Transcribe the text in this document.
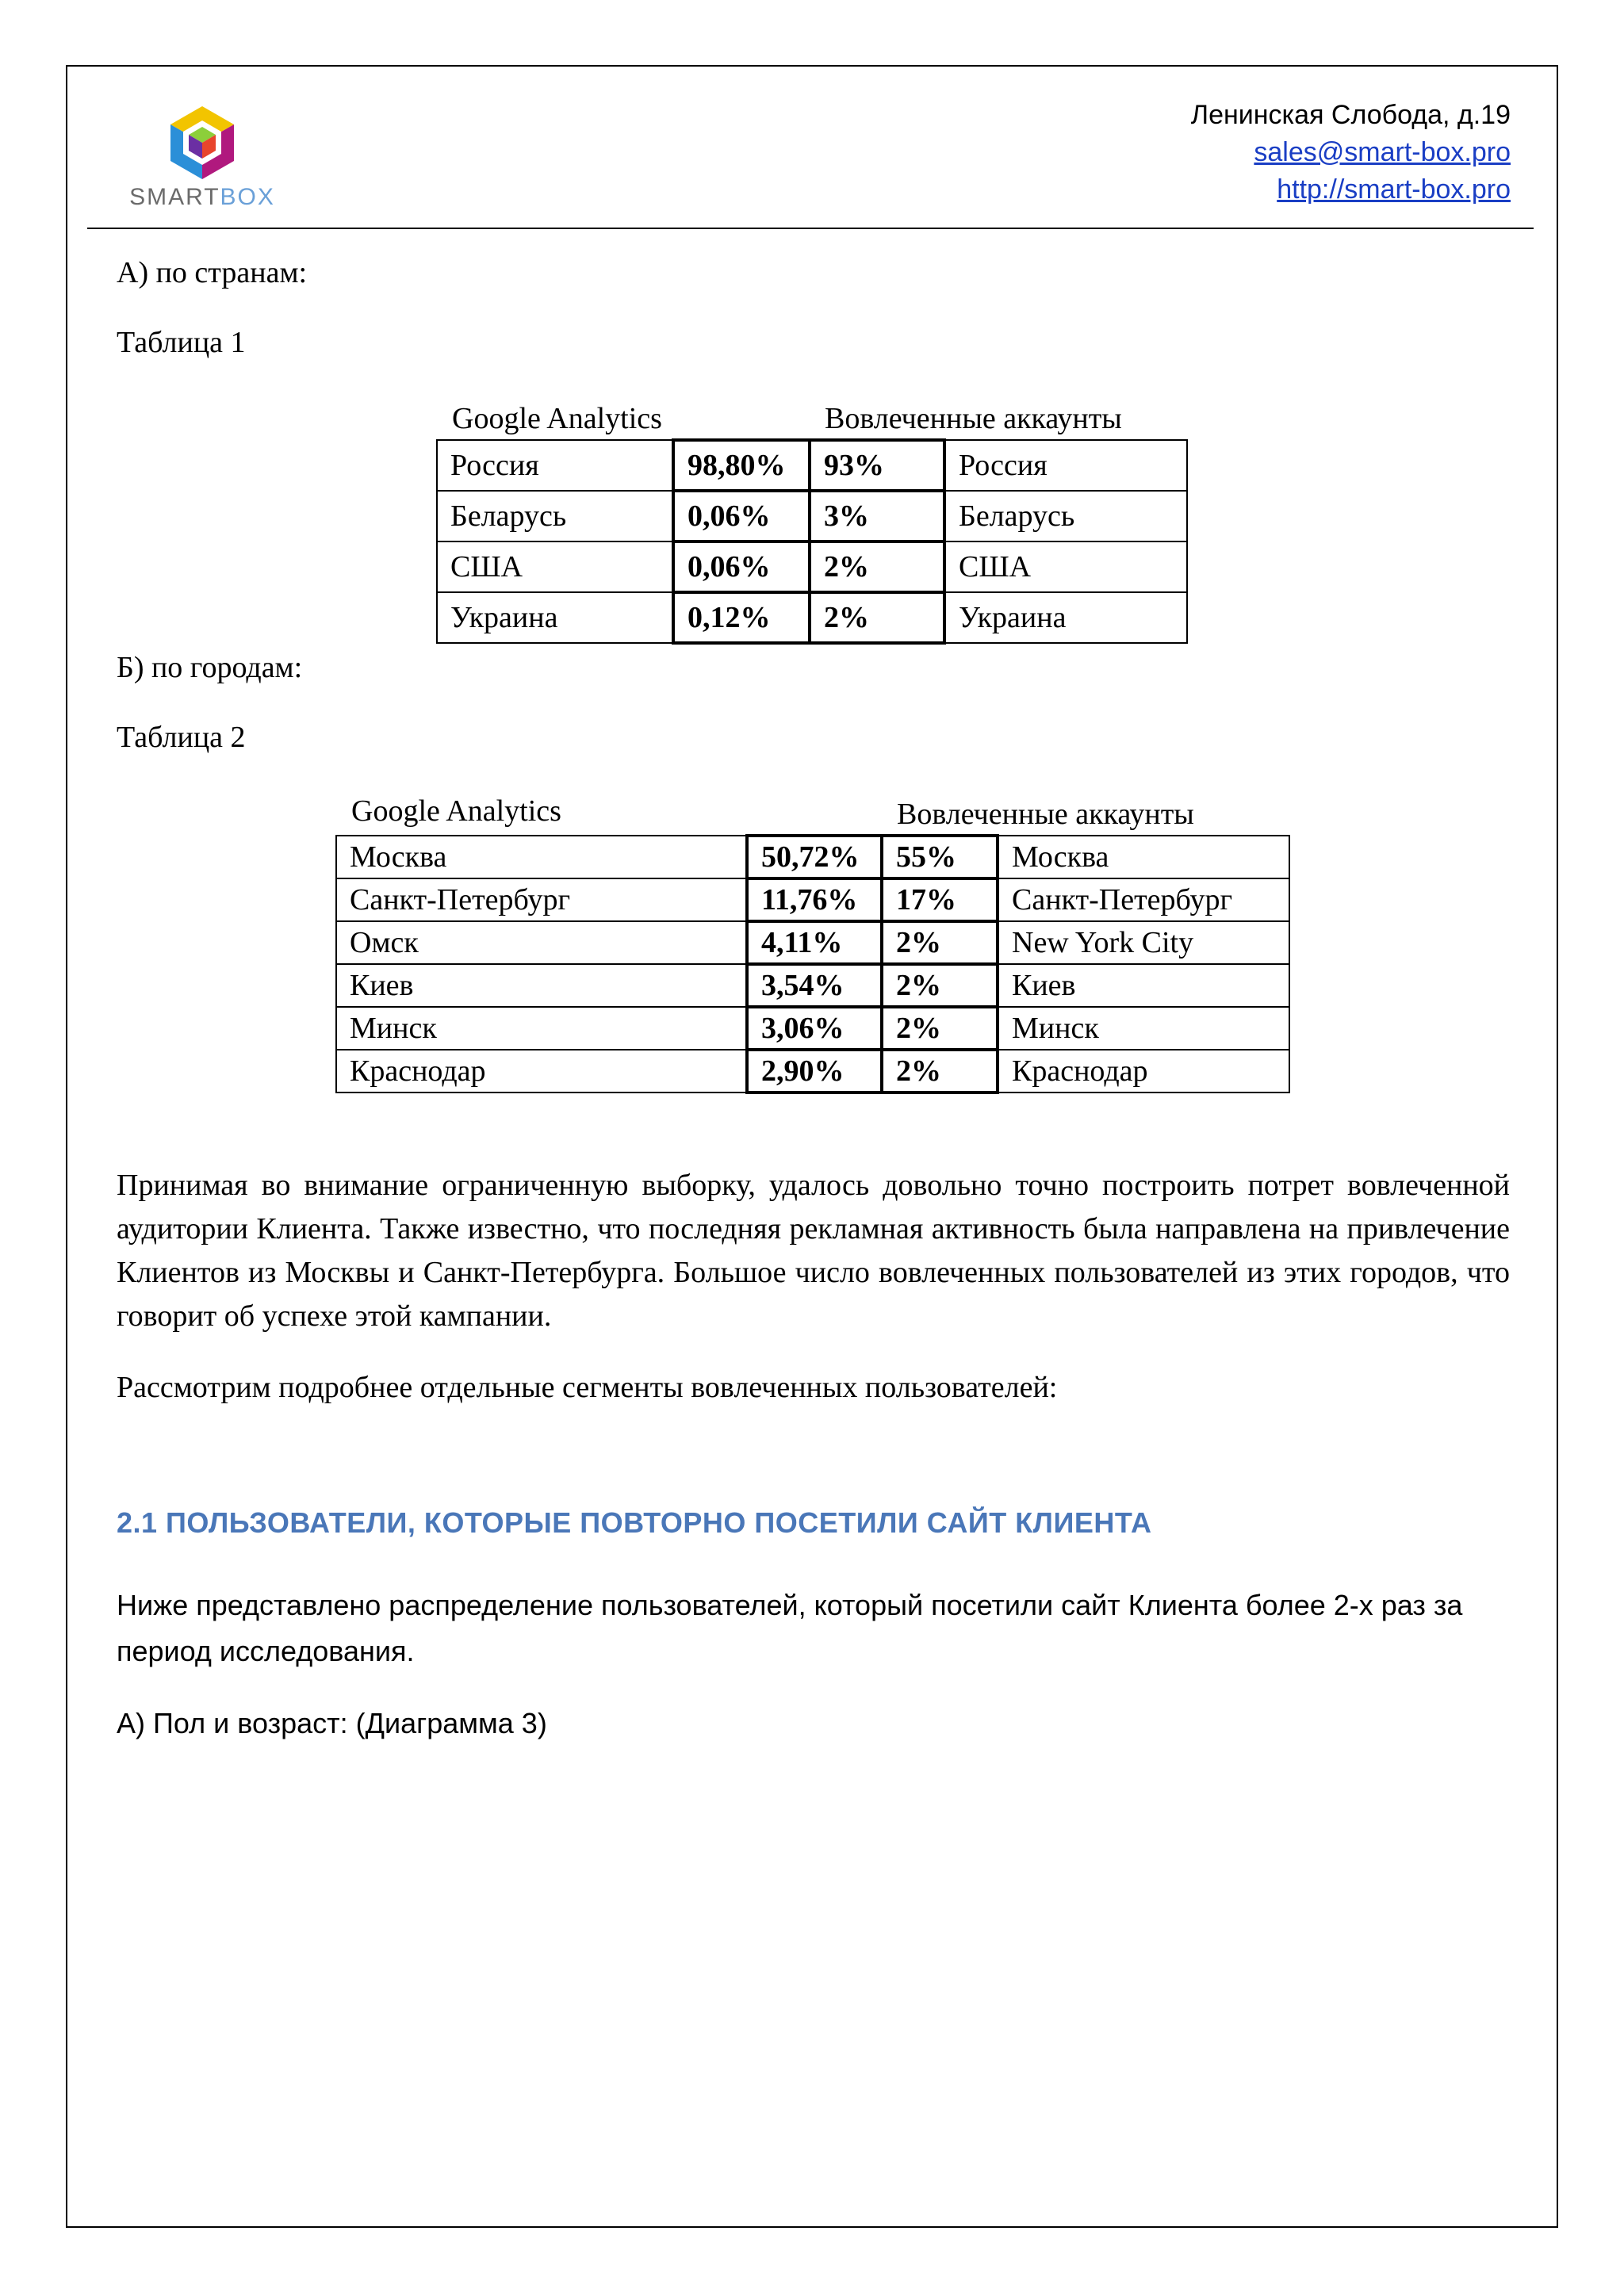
SMARTBOX
Ленинская Слобода, д.19
sales@smart-box.pro
http://smart-box.pro
А) по странам:
Таблица 1
Google Analytics	Вовлеченные аккаунты
Россия	98,80%	93%	Россия
Беларусь	0,06%	3%	Беларусь
США	0,06%	2%	США
Украина	0,12%	2%	Украина
Б) по городам:
Таблица 2
Google Analytics	Вовлеченные аккаунты
Москва	50,72%	55%	Москва
Санкт-Петербург	11,76%	17%	Санкт-Петербург
Омск	4,11%	2%	New York City
Киев	3,54%	2%	Киев
Минск	3,06%	2%	Минск
Краснодар	2,90%	2%	Краснодар
Принимая во внимание ограниченную выборку, удалось довольно точно построить потрет вовлеченной аудитории Клиента. Также известно, что последняя рекламная активность была направлена на привлечение Клиентов из Москвы и Санкт-Петербурга. Большое число вовлеченных пользователей из этих городов, что говорит об успехе этой кампании.
Рассмотрим подробнее отдельные сегменты вовлеченных пользователей:
2.1 ПОЛЬЗОВАТЕЛИ, КОТОРЫЕ ПОВТОРНО ПОСЕТИЛИ САЙТ КЛИЕНТА
Ниже представлено распределение пользователей, который посетили сайт Клиента более 2-х раз за период исследования.
А) Пол и возраст: (Диаграмма 3)
